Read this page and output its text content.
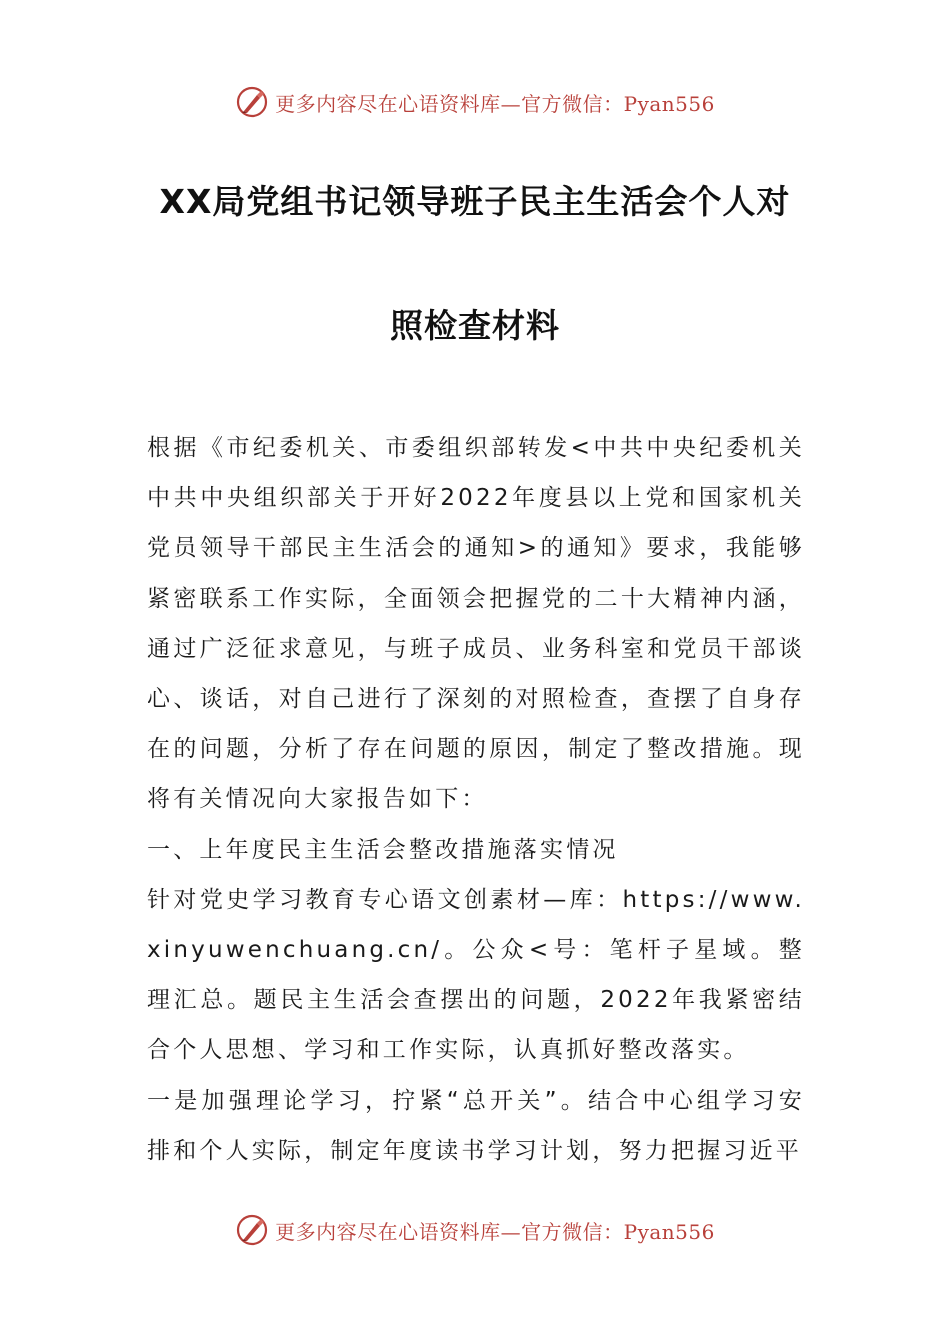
更多内容尽在心语资料库—官方微信：Pyan556
XX局党组书记领导班子民主生活会个人对
照检查材料

根据《市纪委机关、市委组织部转发<中共中央纪委机关中共中央组织部关于开好2022年度县以上党和国家机关党员领导干部民主生活会的通知>的通知》要求，我能够紧密联系工作实际，全面领会把握党的二十大精神内涵，通过广泛征求意见，与班子成员、业务科室和党员干部谈心、谈话，对自己进行了深刻的对照检查，查摆了自身存在的问题，分析了存在问题的原因，制定了整改措施。现将有关情况向大家报告如下：

一、上年度民主生活会整改措施落实情况

针对党史学习教育专心语文创素材—库：https://www.xinyuwenchuang.cn/。公众<号：笔杆子星域。整理汇总。题民主生活会查摆出的问题，2022年我紧密结合个人思想、学习和工作实际，认真抓好整改落实。

一是加强理论学习，拧紧“总开关”。结合中心组学习安排和个人实际，制定年度读书学习计划，努力把握习近平

更多内容尽在心语资料库—官方微信：Pyan556
